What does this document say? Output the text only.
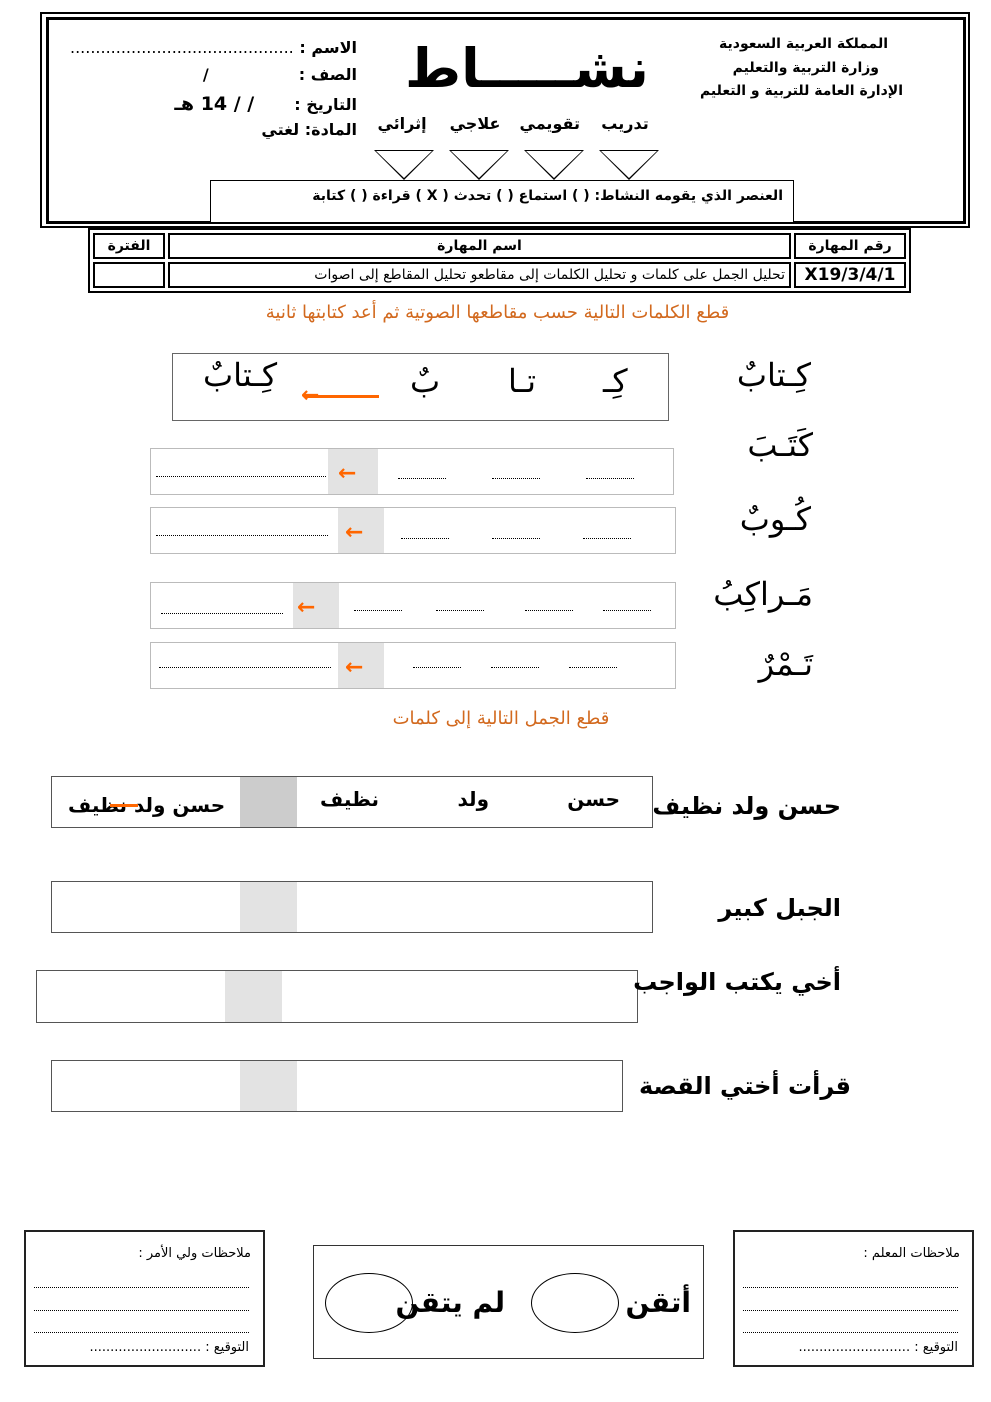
الاسم : ............................................
الصف :/
التاريخ :/ / 14 هـ
المادة: لغتي
نشـــــاط	المملكة العربية السعودية
وزارة التربية والتعليم
الإدارة العامة للتربية و التعليم
تدريب
تقويمي
علاجي
إثرائي
العنصر الذي يقومه النشاط: ( ) استماع ( ) تحدث ( X ) قراءة ( ) كتابة
رقم المهارة	اسم المهارة	الفترة
X19/3/4/1	تحليل الجمل على كلمات و تحليل الكلمات إلى مقاطعو تحليل المقاطع إلى اصوات	
قطع الكلمات التالية حسب مقاطعها الصوتية ثم أعد كتابتها ثانية
كِـتابٌ
كِـ
تـا
بٌ
←
كِـتابٌ
كَتَـبَ
←
كُـوبٌ
←
مَـراكِبُ
←
تَـمْرٌ
←
قطع الجمل التالية إلى كلمات
حسن ولد نظيف
حسن
ولد
نظيف
حسن ولد نظيف
الجبل كبير
أخي يكتب الواجب
قرأت أختي القصة
ملاحظات ولي الأمر :
التوقيع : ...........................
أتقن
لم يتقن
ملاحظات المعلم :
التوقيع : ...........................
